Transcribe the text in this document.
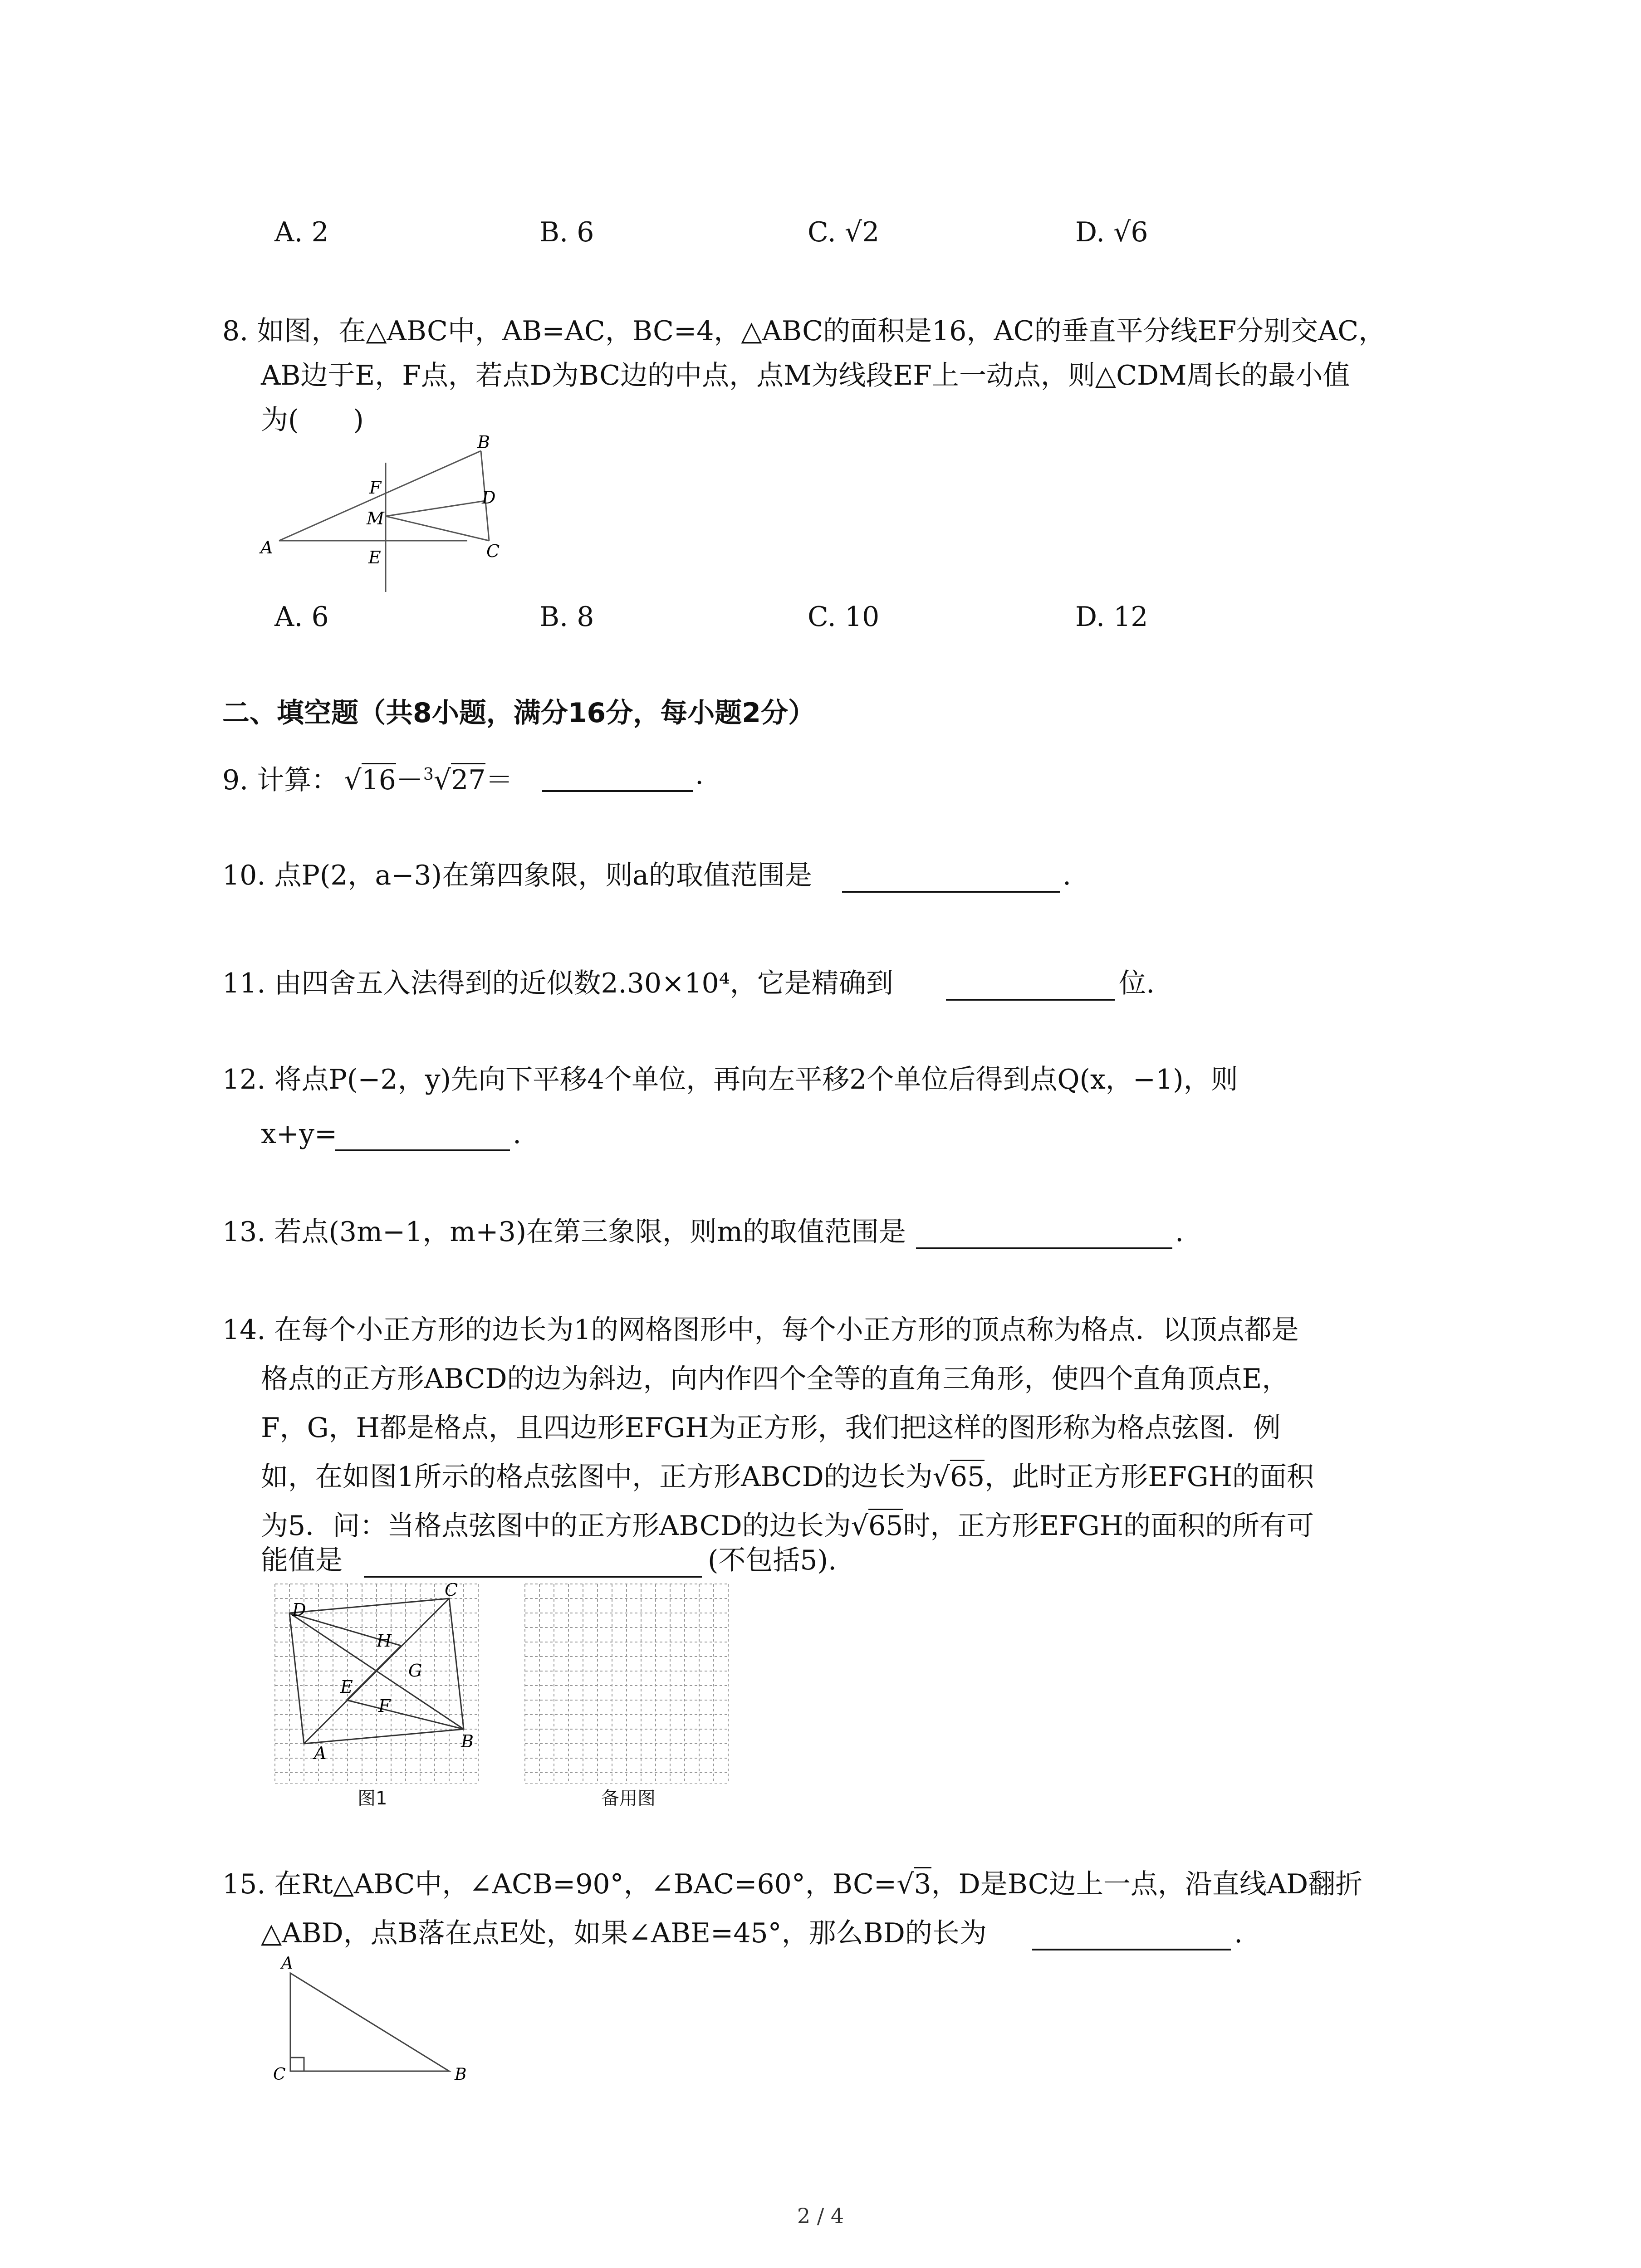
A. 2	B. 6	C. √2	D. √6
8. 如图，在△ABC中，AB=AC，BC=4，△ABC的面积是16，AC的垂直平分线EF分别交AC，
AB边于E，F点，若点D为BC边的中点，点M为线段EF上一动点，则△CDM周长的最小值
为(　　)
A
B
C
D
E
F
M
A. 6	B. 8	C. 10	D. 12
二、填空题（共8小题，满分16分，每小题2分）
9. 计算： √16－$^3$√27＝	.
10. 点P(2，a−3)在第四象限，则a的取值范围是	.
11. 由四舍五入法得到的近似数2.30×10⁴，它是精确到	位.
12. 将点P(−2，y)先向下平移4个单位，再向左平移2个单位后得到点Q(x，−1)，则
x+y=	.
13. 若点(3m−1，m+3)在第三象限，则m的取值范围是	.
14. 在每个小正方形的边长为1的网格图形中，每个小正方形的顶点称为格点．以顶点都是
格点的正方形ABCD的边为斜边，向内作四个全等的直角三角形，使四个直角顶点E，
F，G，H都是格点，且四边形EFGH为正方形，我们把这样的图形称为格点弦图．例
如，在如图1所示的格点弦图中，正方形ABCD的边长为√65，此时正方形EFGH的面积
为5．问：当格点弦图中的正方形ABCD的边长为√65时，正方形EFGH的面积的所有可
能值是	(不包括5).
A
B
C
D
E
F
G
H
图1	备用图
15. 在Rt△ABC中，∠ACB=90°，∠BAC=60°，BC=√3，D是BC边上一点，沿直线AD翻折
△ABD，点B落在点E处，如果∠ABE=45°，那么BD的长为	.
A
B
C
2 / 4
